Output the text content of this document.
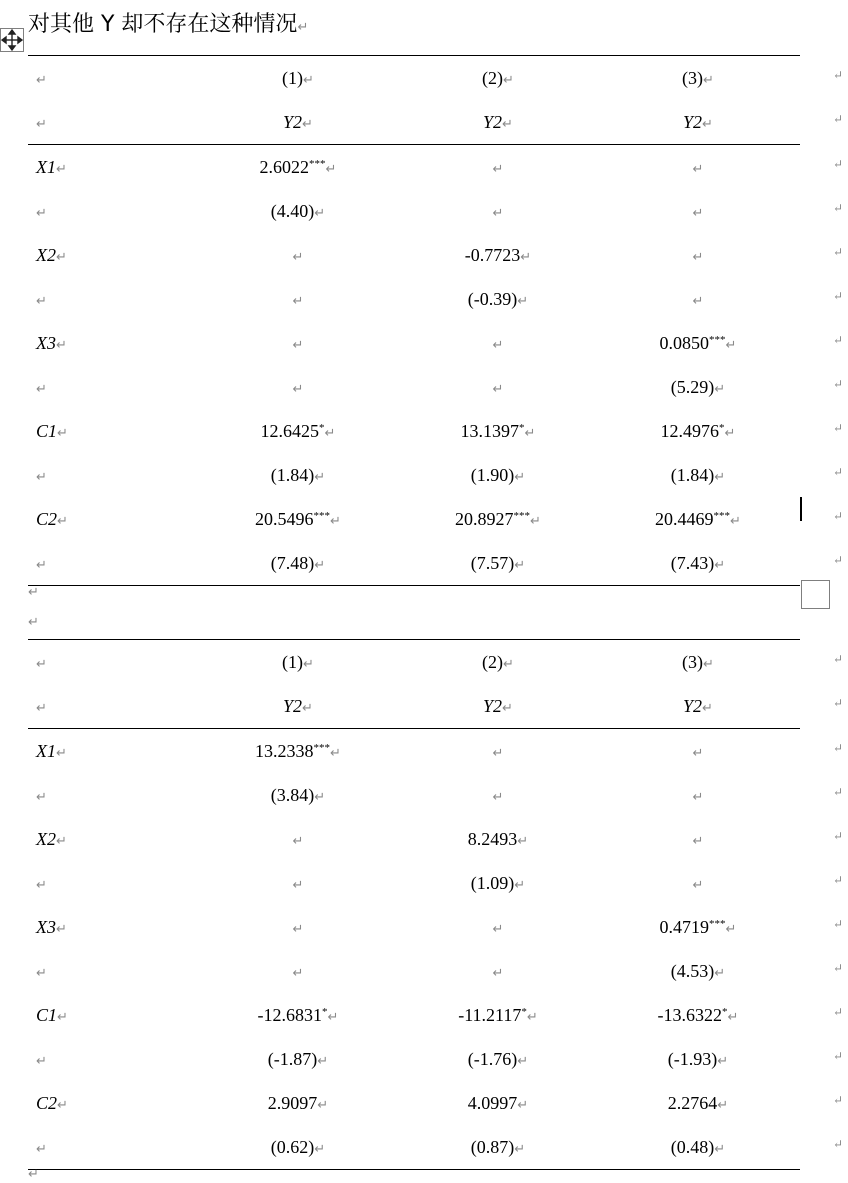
对其他 Y 却不存在这种情况↵
↵	(1)↵	(2)↵	(3)↵	↵
↵	Y2↵	Y2↵	Y2↵	↵
X1↵	2.6022***↵	↵	↵	↵
↵	(4.40)↵	↵	↵	↵
X2↵	↵	-0.7723↵	↵	↵
↵	↵	(-0.39)↵	↵	↵
X3↵	↵	↵	0.0850***↵	↵
↵	↵	↵	(5.29)↵	↵
C1↵	12.6425*↵	13.1397*↵	12.4976*↵	↵
↵	(1.84)↵	(1.90)↵	(1.84)↵	↵
C2↵	20.5496***↵	20.8927***↵	20.4469***↵	↵
↵	(7.48)↵	(7.57)↵	(7.43)↵	↵
↵
↵
↵	(1)↵	(2)↵	(3)↵	↵
↵	Y2↵	Y2↵	Y2↵	↵
X1↵	13.2338***↵	↵	↵	↵
↵	(3.84)↵	↵	↵	↵
X2↵	↵	8.2493↵	↵	↵
↵	↵	(1.09)↵	↵	↵
X3↵	↵	↵	0.4719***↵	↵
↵	↵	↵	(4.53)↵	↵
C1↵	-12.6831*↵	-11.2117*↵	-13.6322*↵	↵
↵	(-1.87)↵	(-1.76)↵	(-1.93)↵	↵
C2↵	2.9097↵	4.0997↵	2.2764↵	↵
↵	(0.62)↵	(0.87)↵	(0.48)↵	↵
↵
